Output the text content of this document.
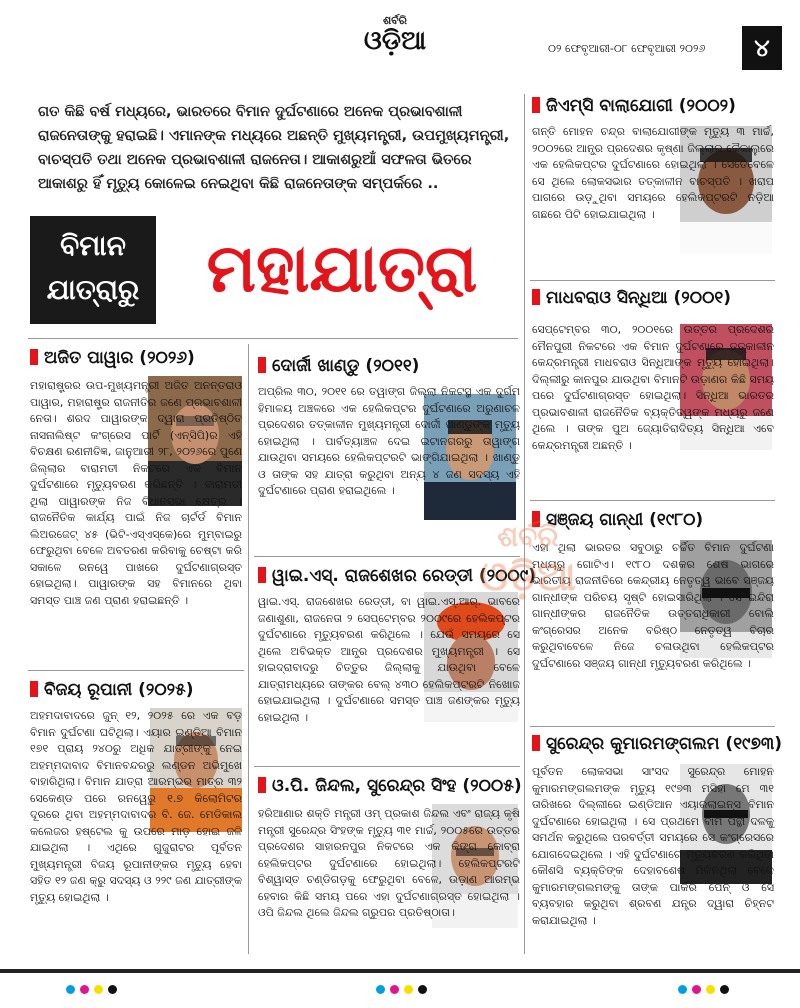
ଶର୍ବରି
ଓଡ଼ିଆ	୦୨ ଫେବୃଆରୀ-୦୮ ଫେବୃଆରୀ ୨୦୨୬	୪
ଗତ କିଛି ବର୍ଷ ମଧ୍ୟରେ, ଭାରତରେ ବିମାନ ଦୁର୍ଘଟଣାରେ ଅନେକ ପ୍ରଭାବଶାଳୀ ରାଜନେତାଙ୍କୁ ହରାଇଛି। ଏମାନଙ୍କ ମଧ୍ୟରେ ଅଛନ୍ତି ମୁଖ୍ୟମନ୍ତ୍ରୀ, ଉପମୁଖ୍ୟମନ୍ତ୍ରୀ, ବାଚସ୍ପତି ତଥା ଅନେକ ପ୍ରଭାବଶାଳୀ ରାଜନେତା। ଆକାଶରୁଆଁ ସଫଳତା ଭିତରେ ଆକାଶରୁ ହିଁ ମୃତ୍ୟୁ କୋଳେଇ ନେଇଥିବା କିଛି ରାଜନେତାଙ୍କ ସମ୍ପର୍କରେ ..
ବିମାନ
ଯାତ୍ରାରୁ	ମହାଯାତ୍ରା
ଅଜିତ ପାୱାର (୨୦୨୬)
ମହାରାଷ୍ଟ୍ରର ଉପ-ମୁଖ୍ୟମନ୍ତ୍ରୀ ଅଜିତ ଅନନ୍ତରାଓ ପାୱାର, ମହାରାଷ୍ଟ୍ର ରାଜନୀତିର ଜଣେ ପ୍ରଭାବଶାଳୀ ନେତା। ଶରଦ ପାୱାରଙ୍କ ଦ୍ୱାରା ପ୍ରତିଷ୍ଠିତ ନାସନାଲିଷ୍ଟ କଂଗ୍ରେସ ପାର୍ଟି (ଏନ୍‌ସିପି)ର ଏହି ବିଚକ୍ଷଣ ରଣନୀତିଜ୍ଞ, ଜାନୁଆରୀ ୨୮, ୨୦୨୬ରେ ପୁଣେ ଜିଲ୍ଲାର ବାରାମତୀ ନିକଟରେ ଏକ ବିମାନ ଦୁର୍ଘଟଣାରେ ମୃତ୍ୟୁବରଣ କରିଛନ୍ତି । ବାରାମତୀ ଥିଲା ପାୱାରଙ୍କ ନିଜ ବିଧାନସଭା କ୍ଷେତ୍ର । ରାଜନୈତିକ କାର୍ଯ୍ୟ ପାଇଁ ନିଜ ଚାର୍ଟର୍ଡ ବିମାନ ଲିଅରଜେଟ୍ ୪୫ (ଭିଟି-ଏସ୍‌ଏସ୍‌କେ)ରେ ମୁମ୍ବାଇରୁ ଫେରୁଥିବା ବେଳେ ଅବତରଣ କରିବାକୁ ଚେଷ୍ଟା କରି ସକାଳେ ରନୱେ ପାଖରେ ଦୁର୍ଘଟଣାଗ୍ରସ୍ତ ହୋଇଥିଲା। ପାୱାରଙ୍କ ସହ ବିମାନରେ ଥିବା ସମସ୍ତ ପାଞ୍ଚ ଜଣ ପ୍ରାଣ ହରାଇଛନ୍ତି ।
ବିଜୟ ରୂପାନୀ (୨୦୨୫)
ଅହମଦାବାଦରେ ଜୁନ୍ ୧୨, ୨୦୨୫ ରେ ଏକ ବଡ଼ ବିମାନ ଦୁର୍ଘଟଣା ଘଟିଥିଲା। ଏୟାର ଇଣ୍ଡିଆ ବିମାନ ୧୭୧ ପ୍ରାୟ ୨୪୦ରୁ ଅଧିକ ଯାତ୍ରୀଙ୍କୁ ନେଇ ଅହମ୍ମଦାବାଦ ବିମାନବନ୍ଦରରୁ ଲଣ୍ଡନ ଅଭିମୁଖେ ବାହାରିଥିଲା। ବିମାନ ଯାତ୍ରା ଆରମ୍ଭର ମାତ୍ର ୩୨ ସେକେଣ୍ଡ ପରେ ରନୱେରୁ ୧.୭ କିଲୋମିଟର ଦୂରରେ ଥିବା ଅହମ୍ମଦାବାଦର ବି. ଜେ. ମେଡିକାଲ କଲେଜର ହଷ୍ଟେଲ କୁ ଉପରେ ମାଡ଼ ହୋଇ ଜଳି ଯାଇଥିଲା । ଏଥିରେ ଗୁଜୁରାଟର ପୂର୍ବତନ ମୁଖ୍ୟମନ୍ତ୍ରୀ ବିଜୟ ରୂପାନୀଙ୍କର ମୃତ୍ୟୁ ହେବା ସହିତ ୧୨ ଜଣ କ୍ରୁ ସଦସ୍ୟ ଓ ୨୨୯ ଜଣ ଯାତ୍ରୀଙ୍କ ମୃତ୍ୟୁ ହୋଇଥିଲା ।
ଦୋର୍ଜୀ ଖାଣ୍ଡୁ (୨୦୧୧)
ଅପ୍ରିଲ ୩୦, ୨୦୧୧ ରେ ତୱାଙ୍ଗ ଜିଲ୍ଲା ନିକଟସ୍ଥ ଏକ ଦୁର୍ଗମ ହିମାଳୟ ଅଞ୍ଚଳରେ ଏକ ହେଲିକପ୍ଟର ଦୁର୍ଘଟଣାରେ ଅରୁଣାଚଳ ପ୍ରଦେଶର ତତ୍କାଳୀନ ମୁଖ୍ୟମନ୍ତ୍ରୀ ଦୋର୍ଜୀ ଖାଣ୍ଡୁଙ୍କ ମୃତ୍ୟୁ ହୋଇଥିଲା । ପାର୍ବତ୍ୟାଞ୍ଚଳ ଦେଇ ଇଟାନଗରରୁ ତାୱାଙ୍ଗ ଯାଉଥିବା ସମୟରେ ହେଲିକପ୍ଟରଟି ଭାଙ୍ଗିଯାଇଥିଲା । ଖାଣ୍ଡୁ ଓ ତାଙ୍କ ସହ ଯାତ୍ରା କରୁଥିବା ଅନ୍ୟ ୪ ଜଣ ସଦସ୍ୟ ଏହି ଦୁର୍ଘଟଣାରେ ପ୍ରାଣ ହରାଇଥିଲେ ।
ୱାଇ.ଏସ୍. ରାଜଶେଖର ରେଡ୍ଡୀ (୨୦୦୯)
ୱାଇ.ଏସ୍. ରାଜଶେଖର ରେଡ୍ଡୀ, ବା ୱାଇ.ଏସ୍.ଆର୍. ଭାବରେ ଜଣାଶୁଣା, ରାଜନେତା ୨ ସେପ୍ଟେମ୍ବର ୨୦୦୯ରେ ହେଲିକପ୍ଟର ଦୁର୍ଘଟଣାରେ ମୃତ୍ୟୁବରଣ କରିଥିଲେ । ଯେଉଁ ସମୟରେ ସେ ଥିଲେ ଅବିଭକ୍ତ ଆନ୍ଧ୍ର ପ୍ରଦେଶର ମୁଖ୍ୟମନ୍ତ୍ରୀ । ସେ ହାଇଦ୍ରାବାଦରୁ ଚିତ୍ତୁର ଜିଲ୍ଲାକୁ ଯାଉଥିବା ବେଳେ ଯାତ୍ରାମଧ୍ୟରେ ତାଙ୍କର ବେଲ୍ ୪୩୦ ହେଲିକପ୍ଟରଟି ନିଖୋଜ ହୋଇଯାଇଥିଲା । ଦୁର୍ଘଟଣାରେ ସମସ୍ତ ପାଞ୍ଚ ଜଣଙ୍କର ମୃତ୍ୟୁ ହୋଇଥିଲା ।
ଓ.ପି. ଜିନ୍ଦଲ, ସୁରେନ୍ଦ୍ର ସିଂହ (୨୦୦୫)
ହରିଆଣାର ଶକ୍ତି ମନ୍ତ୍ରୀ ଓମ୍ ପ୍ରକାଶ ଜିନ୍ଦଲ ଏବଂ ରାଜ୍ୟ କୃଷି ମନ୍ତ୍ରୀ ସୁରେନ୍ଦ୍ର ସିଂହଙ୍କ ମୃତ୍ୟୁ ୩୧ ମାର୍ଚ୍ଚ, ୨୦୦୫ରେ ଉତ୍ତର ପ୍ରଦେଶର ସାହାରନପୁର ନିକଟରେ ଏକ କିଙ୍ଗ କୋବ୍ରା ହେଲିକପ୍ଟର ଦୁର୍ଘଟଣାରେ ହୋଇଥିଲା। ହେଲିକପ୍ଟରଟି ବିଶ୍ୱାସ୍ତ ଚଣ୍ଡିଗଡ଼କୁ ଫେରୁଥିବା ବେଳେ, ଉଡ଼ାଣ ଆରମ୍ଭ ହେବାର କିଛି ସମୟ ପରେ ଏହା ଦୁର୍ଘଟଣାଗ୍ରସ୍ତ ହୋଇଥିଲା । ଓପି ଜିନ୍ଦଲ ଥିଲେ ଜିନ୍ଦଲ ଗ୍ରୁପର ପ୍ରତିଷ୍ଠାତା।
ଜିଏମ୍‌ସି ବାଲାଯୋଗୀ (୨୦୦୨)
ଗନ୍ତି ମୋହନ ଚନ୍ଦ୍ର ବାଲାଯୋଗୀଙ୍କ ମୃତ୍ୟୁ ୩ ମାର୍ଚ୍ଚ, ୨୦୦୨ରେ ଆନ୍ଧ୍ର ପ୍ରଦେଶର କୃଷ୍ଣା ଜିଲ୍ଲାର କୈକାଲୁରେ ଏକ ହେଲିକପ୍ଟର ଦୁର୍ଘଟଣାରେ ହୋଇଥିଲା । ସେତେବେଳେ ସେ ଥିଲେ ଲୋକସଭାର ତତ୍କାଳୀନ ବାଚସ୍ପତି । ଖରାପ ପାଗରେ ଉଡ଼ୁଥିବା ସମୟରେ ହେଲିକପ୍ଟରଟି ନଡ଼ିଆ ଗଛରେ ପିଟି ହୋଇଯାଇଥିଲା ।
ମାଧବରାଓ ସିନ୍ଧିଆ (୨୦୦୧)
ସେପ୍ଟେମ୍ବର ୩୦, ୨୦୦୧ରେ ଉତ୍ତର ପ୍ରଦେଶର ମୈନପୁରୀ ନିକଟରେ ଏକ ବିମାନ ଦୁର୍ଘଟଣାରେ ତତ୍କାଳୀନ କେନ୍ଦ୍ରମନ୍ତ୍ରୀ ମାଧବରାଓ ସିନ୍ଧିଆଙ୍କ ମୃତ୍ୟୁ ହୋଇଥିଲା। ଦିଲ୍ଲୀରୁ କାନପୁର ଯାଉଥିବା ବିମାନଟି ଉଡ଼ାଣର କିଛି ସମୟ ପରେ ଦୁର୍ଘଟଣାଗ୍ରସ୍ତ ହୋଇଥିଲା। ସିନ୍ଧିଆ ଭାରତର ପ୍ରଭାବଶାଳୀ ରାଜନୈତିକ ବ୍ୟକ୍ତିତ୍ୱଙ୍କ ମଧ୍ୟରୁ ଜଣେ ଥିଲେ । ତାଙ୍କ ପୁଅ ଜ୍ୟୋତିରାଦିତ୍ୟ ସିନ୍ଧିଆ ଏବେ କେନ୍ଦ୍ରମନ୍ତ୍ରୀ ଅଛନ୍ତି ।
ସଞ୍ଜୟ ଗାନ୍ଧୀ (୧୯୮୦)
ଏହା ଥିଲା ଭାରତର ସବୁଠାରୁ ଚର୍ଚ୍ଚିତ ବିମାନ ଦୁର୍ଘଟଣା ମଧ୍ୟରୁ ଗୋଟିଏ। ୧୯୮୦ ଦଶକର ଶେଷ ଭାଗରେ ଭାରତୀୟ ରାଜନୀତିରେ କେନ୍ଦ୍ରୀୟ ନେତୃତ୍ୱ ଭାବେ ସଞ୍ଜୟ ଗାନ୍ଧୀଙ୍କ ପରିଚୟ ସୃଷ୍ଟି ହୋଇସାରିଥିଲା । ସେ ଇନ୍ଦିରା ଗାନ୍ଧୀଙ୍କର ରାଜନୈତିକ ଉତ୍ତରାଧିକାରୀ ବୋଲି କଂଗ୍ରେସର ଅନେକ ବରିଷ୍ଠ ନେତୃତ୍ୱ ବିଚାର କରୁଥିବାବେଳେ ନିଜେ ଚଳାଉଥିବା ହେଲିକପ୍ଟର ଦୁର୍ଘଟଣାରେ ସଞ୍ଜୟ ଗାନ୍ଧୀ ମୃତ୍ୟୁବରଣ କରିଥିଲେ ।
ସୁରେନ୍ଦ୍ର କୁମାରମଙ୍ଗଲମ (୧୯୭୩)
ପୂର୍ବତନ ଲୋକସଭା ସାଂସଦ ସୁରେନ୍ଦ୍ର ମୋହନ କୁମାରମଙ୍ଗଲମଙ୍କ ମୃତ୍ୟୁ ୧୯୭୩ ମସିହା ମେ ୩୧ ତାରିଖରେ ଦିଲ୍ଲୀରେ ଇଣ୍ଡିଆନ ଏୟାରଲାଇନ୍ସ ବିମାନ ଦୁର୍ଘଟଣାରେ ହୋଇଥିଲା । ସେ ପ୍ରଥମେ ବାମ ପନ୍ଥୀ ଦଳକୁ ସମର୍ଥନ କରୁଥିଲେ ପରବର୍ତ୍ତୀ ସମୟରେ ସେ କଂଗ୍ରେସରେ ଯୋଗଦେଇଥିଲେ । ଏହି ଦୁର୍ଘଟଣାରେ ମୃତ୍ୟୁବରଣ କରିଥିବା କୌଶସି ବ୍ୟକ୍ତିଙ୍କ ଦେହାବଶେଷ ମିଳିନଥିଲା ବେଳେ କୁମାରମଙ୍ଗଲମଙ୍କୁ ତାଙ୍କ ପାର୍କର ପେନ୍ ଓ ସେ ବ୍ୟବହାର କରୁଥିବା ଶ୍ରବଣ ଯନ୍ତ୍ର ଦ୍ୱାରା ଚିହ୍ନଟ କରାଯାଇଥିଲା ।
ଶର୍ବରି
ଓଡ଼ିଆ
